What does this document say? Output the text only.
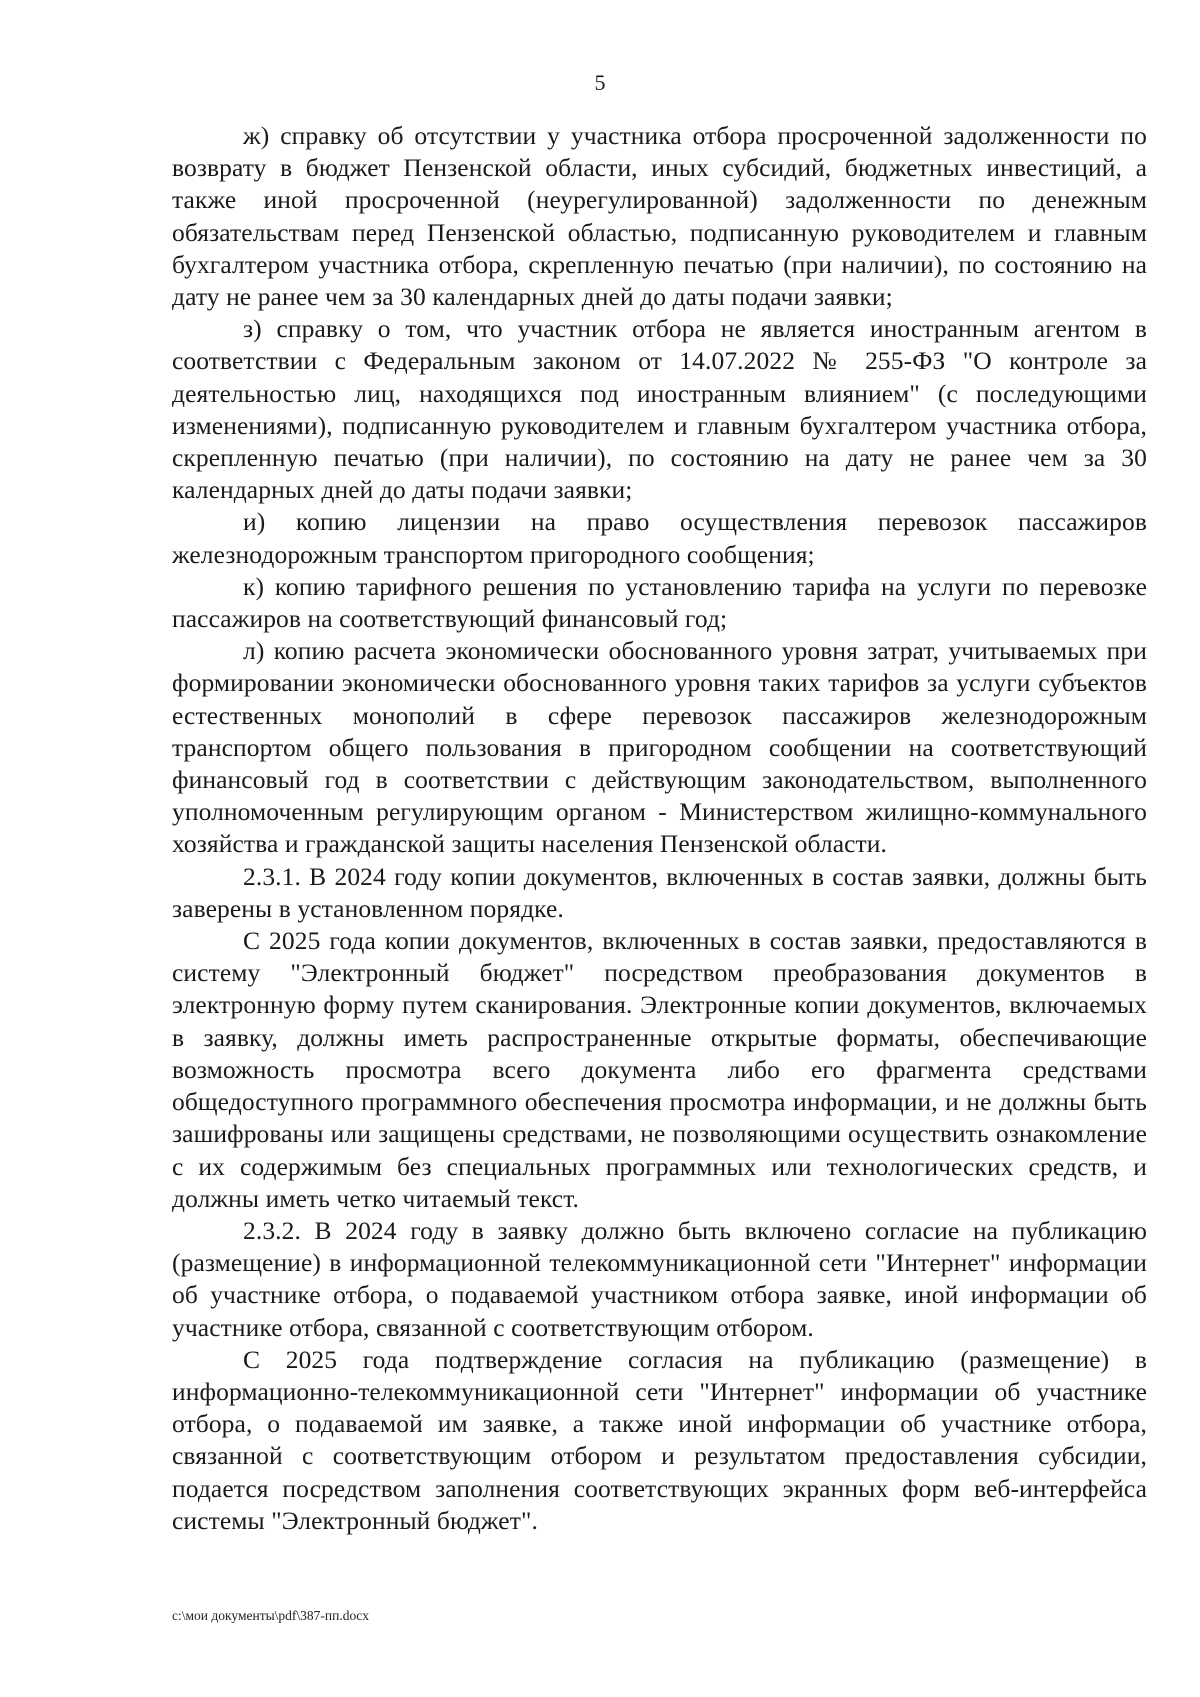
5

ж) справку об отсутствии у участника отбора просроченной задолженности по возврату в бюджет Пензенской области, иных субсидий, бюджетных инвестиций, а также иной просроченной (неурегулированной) задолженности по денежным обязательствам перед Пензенской областью, подписанную руководителем и главным бухгалтером участника отбора, скрепленную печатью (при наличии), по состоянию на дату не ранее чем за 30 календарных дней до даты подачи заявки;

з) справку о том, что участник отбора не является иностранным агентом в соответствии с Федеральным законом от 14.07.2022 № 255-ФЗ "О контроле за деятельностью лиц, находящихся под иностранным влиянием" (с последующими изменениями), подписанную руководителем и главным бухгалтером участника отбора, скрепленную печатью (при наличии), по состоянию на дату не ранее чем за 30 календарных дней до даты подачи заявки;

и) копию лицензии на право осуществления перевозок пассажиров железнодорожным транспортом пригородного сообщения;

к) копию тарифного решения по установлению тарифа на услуги по перевозке пассажиров на соответствующий финансовый год;

л) копию расчета экономически обоснованного уровня затрат, учитываемых при формировании экономически обоснованного уровня таких тарифов за услуги субъектов естественных монополий в сфере перевозок пассажиров железнодорожным транспортом общего пользования в пригородном сообщении на соответствующий финансовый год в соответствии с действующим законодательством, выполненного уполномоченным регулирующим органом - Министерством жилищно-коммунального хозяйства и гражданской защиты населения Пензенской области.

2.3.1. В 2024 году копии документов, включенных в состав заявки, должны быть заверены в установленном порядке.

С 2025 года копии документов, включенных в состав заявки, предоставляются в систему "Электронный бюджет" посредством преобразования документов в электронную форму путем сканирования. Электронные копии документов, включаемых в заявку, должны иметь распространенные открытые форматы, обеспечивающие возможность просмотра всего документа либо его фрагмента средствами общедоступного программного обеспечения просмотра информации, и не должны быть зашифрованы или защищены средствами, не позволяющими осуществить ознакомление с их содержимым без специальных программных или технологических средств, и должны иметь четко читаемый текст.

2.3.2. В 2024 году в заявку должно быть включено согласие на публикацию (размещение) в информационной телекоммуникационной сети "Интернет" информации об участнике отбора, о подаваемой участником отбора заявке, иной информации об участнике отбора, связанной с соответствующим отбором.

С 2025 года подтверждение согласия на публикацию (размещение) в информационно-телекоммуникационной сети "Интернет" информации об участнике отбора, о подаваемой им заявке, а также иной информации об участнике отбора, связанной с соответствующим отбором и результатом предоставления субсидии, подается посредством заполнения соответствующих экранных форм веб-интерфейса системы "Электронный бюджет".

c:\мои документы\pdf\387-пп.docx
